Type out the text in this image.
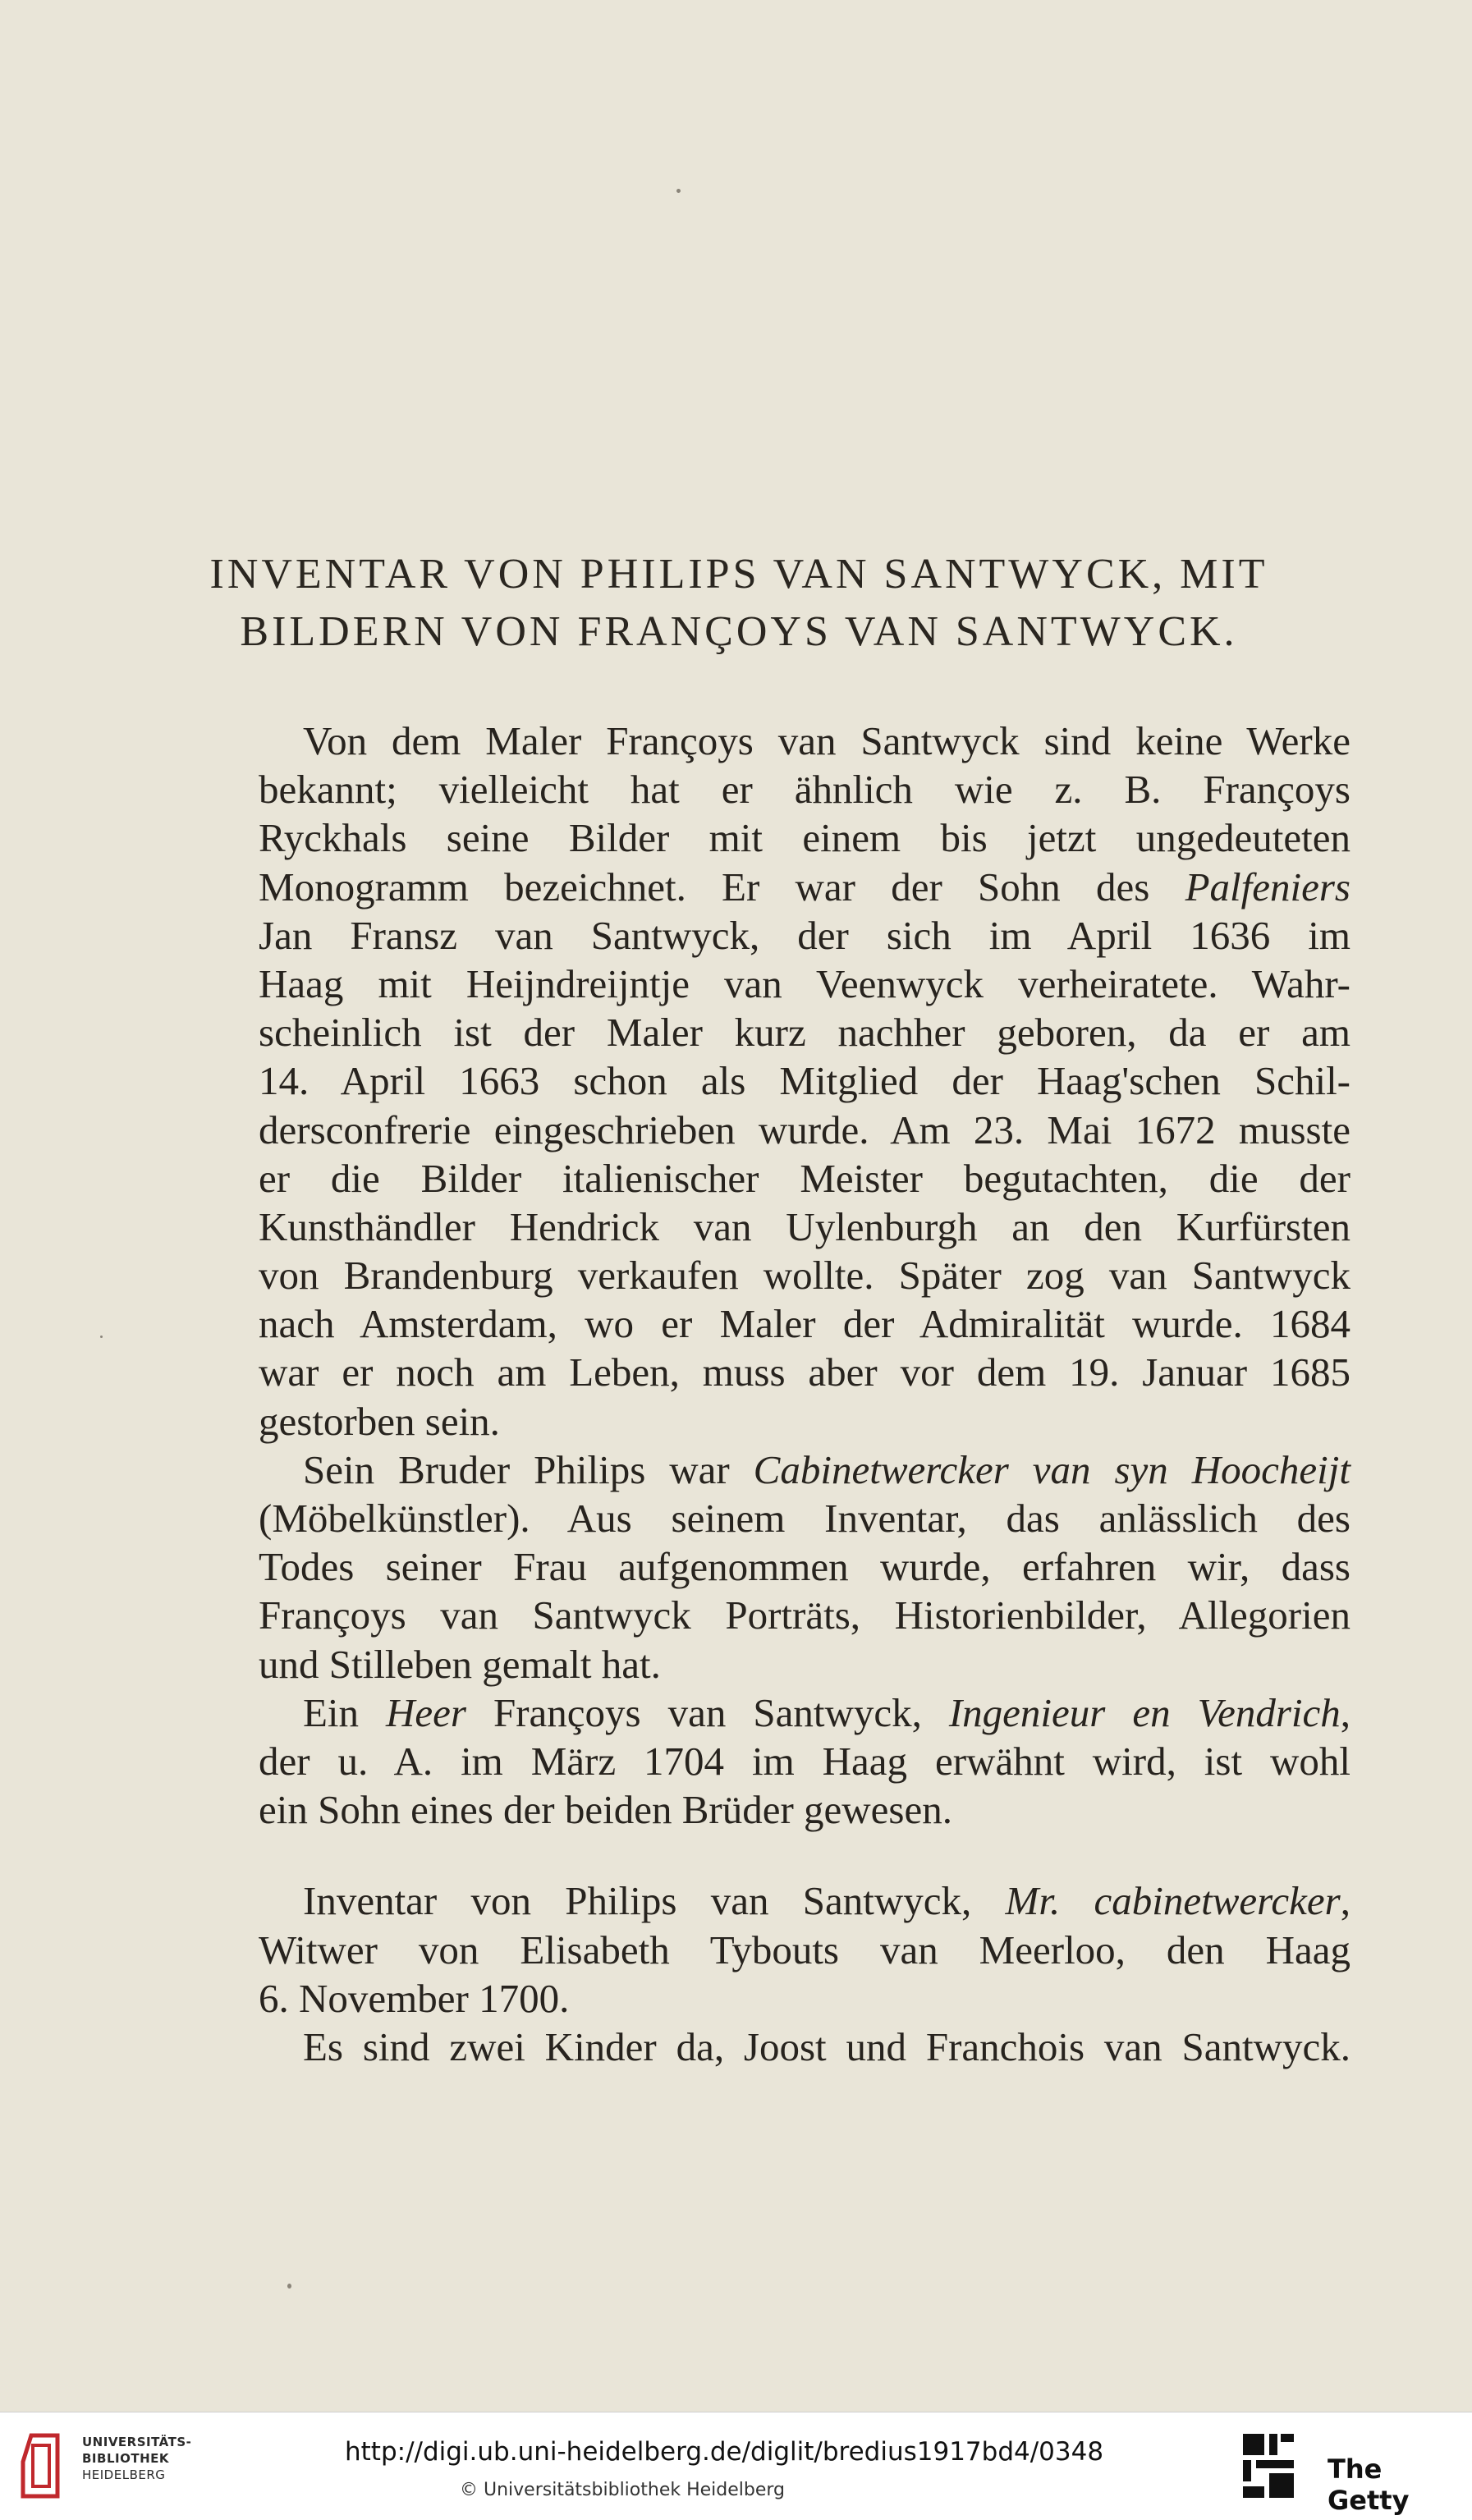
INVENTAR VON PHILIPS VAN SANTWYCK, MIT
BILDERN VON FRANÇOYS VAN SANTWYCK.
Von dem Maler Françoys van Santwyck sind keine Werke
bekannt; vielleicht hat er ähnlich wie z. B. Françoys
Ryckhals seine Bilder mit einem bis jetzt ungedeuteten
Monogramm bezeichnet. Er war der Sohn des Palfeniers
Jan Fransz van Santwyck, der sich im April 1636 im
Haag mit Heijndreijntje van Veenwyck verheiratete. Wahr-
scheinlich ist der Maler kurz nachher geboren, da er am
14. April 1663 schon als Mitglied der Haag'schen Schil-
dersconfrerie eingeschrieben wurde. Am 23. Mai 1672 musste
er die Bilder italienischer Meister begutachten, die der
Kunsthändler Hendrick van Uylenburgh an den Kurfürsten
von Brandenburg verkaufen wollte. Später zog van Santwyck
nach Amsterdam, wo er Maler der Admiralität wurde. 1684
war er noch am Leben, muss aber vor dem 19. Januar 1685
gestorben sein.
Sein Bruder Philips war Cabinetwercker van syn Hoocheijt
(Möbelkünstler). Aus seinem Inventar, das anlässlich des
Todes seiner Frau aufgenommen wurde, erfahren wir, dass
Françoys van Santwyck Porträts, Historienbilder, Allegorien
und Stilleben gemalt hat.
Ein Heer Françoys van Santwyck, Ingenieur en Vendrich,
der u. A. im März 1704 im Haag erwähnt wird, ist wohl
ein Sohn eines der beiden Brüder gewesen.
Inventar von Philips van Santwyck, Mr. cabinetwercker,
Witwer von Elisabeth Tybouts van Meerloo, den Haag
6. November 1700.
Es sind zwei Kinder da, Joost und Franchois van Santwyck.
UNIVERSITÄTS-
BIBLIOTHEK
HEIDELBERG
http://digi.ub.uni-heidelberg.de/diglit/bredius1917bd4/0348
© Universitätsbibliothek Heidelberg
The Getty
